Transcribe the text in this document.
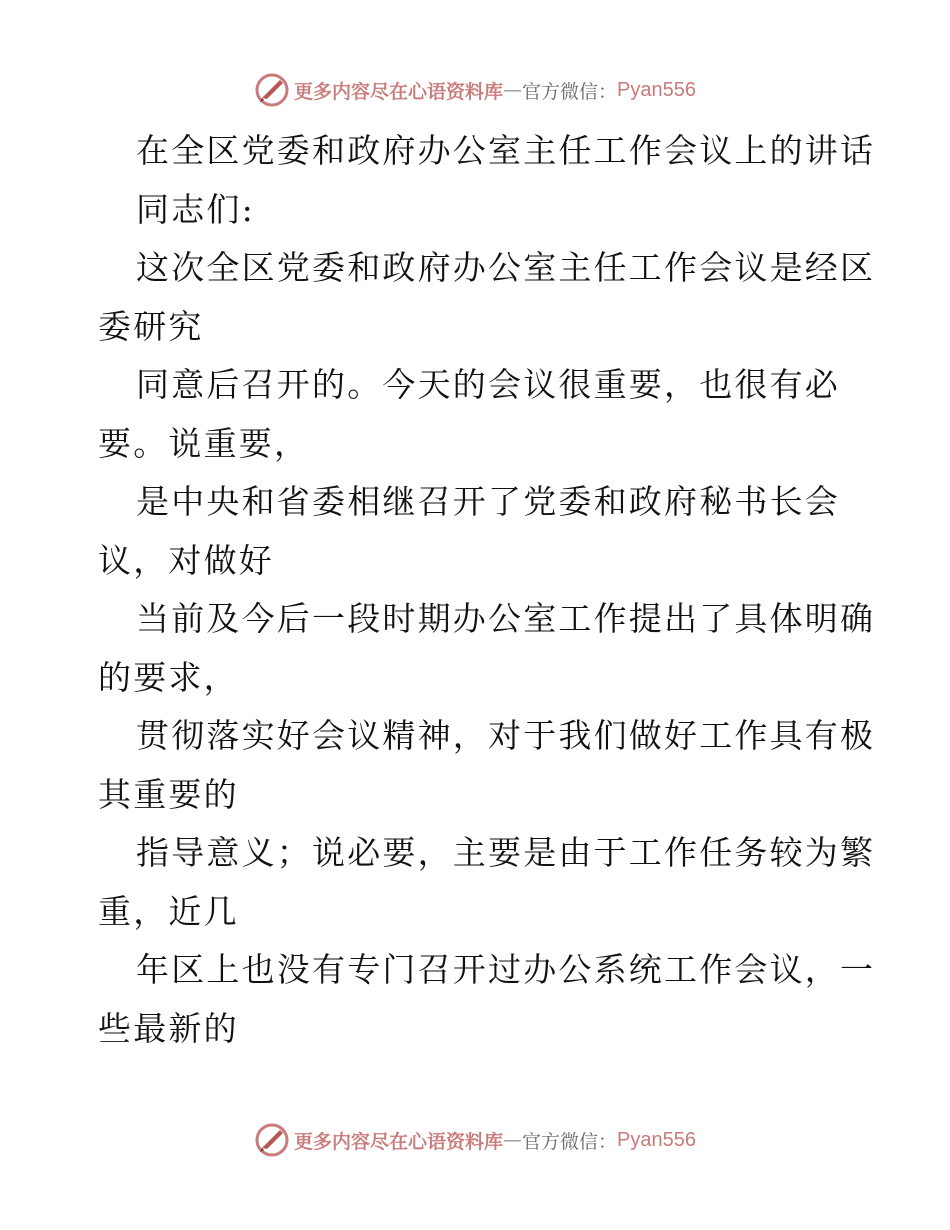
更多内容尽在心语资料库 — 官方微信： Pyan556
在全区党委和政府办公室主任工作会议上的讲话
同志们:
这次全区党委和政府办公室主任工作会议是经区
委研究
同意后召开的。今天的会议很重要，也很有必
要。说重要，
是中央和省委相继召开了党委和政府秘书长会
议，对做好
当前及今后一段时期办公室工作提出了具体明确
的要求，
贯彻落实好会议精神，对于我们做好工作具有极
其重要的
指导意义；说必要，主要是由于工作任务较为繁
重，近几
年区上也没有专门召开过办公系统工作会议，一
些最新的
更多内容尽在心语资料库 — 官方微信： Pyan556
